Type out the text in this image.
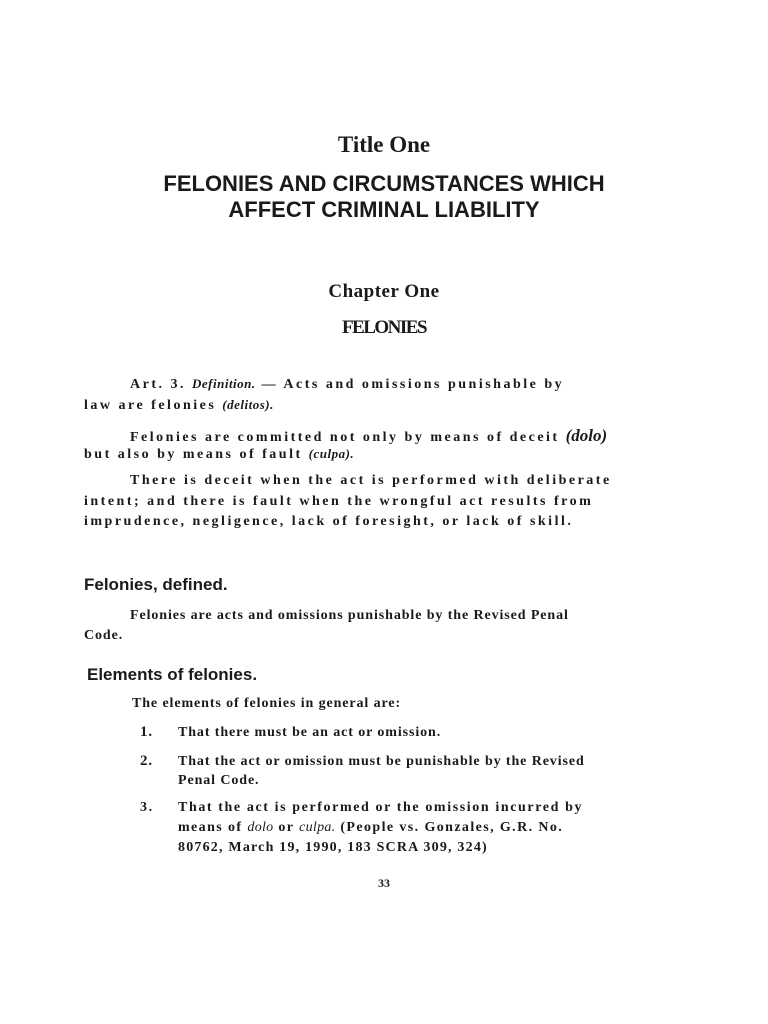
Title One
FELONIES AND CIRCUMSTANCES WHICH
AFFECT CRIMINAL LIABILITY
Chapter One
FELONIES
Art. 3. Definition. — Acts and omissions punishable by
law are felonies (delitos).
Felonies are committed not only by means of deceit (dolo)
but also by means of fault (culpa).
There is deceit when the act is performed with deliberate
intent; and there is fault when the wrongful act results from
imprudence, negligence, lack of foresight, or lack of skill.
Felonies, defined.
Felonies are acts and omissions punishable by the Revised Penal
Code.
Elements of felonies.
The elements of felonies in general are:
1. That there must be an act or omission.
2. That the act or omission must be punishable by the Revised
Penal Code.
3. That the act is performed or the omission incurred by
means of dolo or culpa. (People vs. Gonzales, G.R. No.
80762, March 19, 1990, 183 SCRA 309, 324)
33
